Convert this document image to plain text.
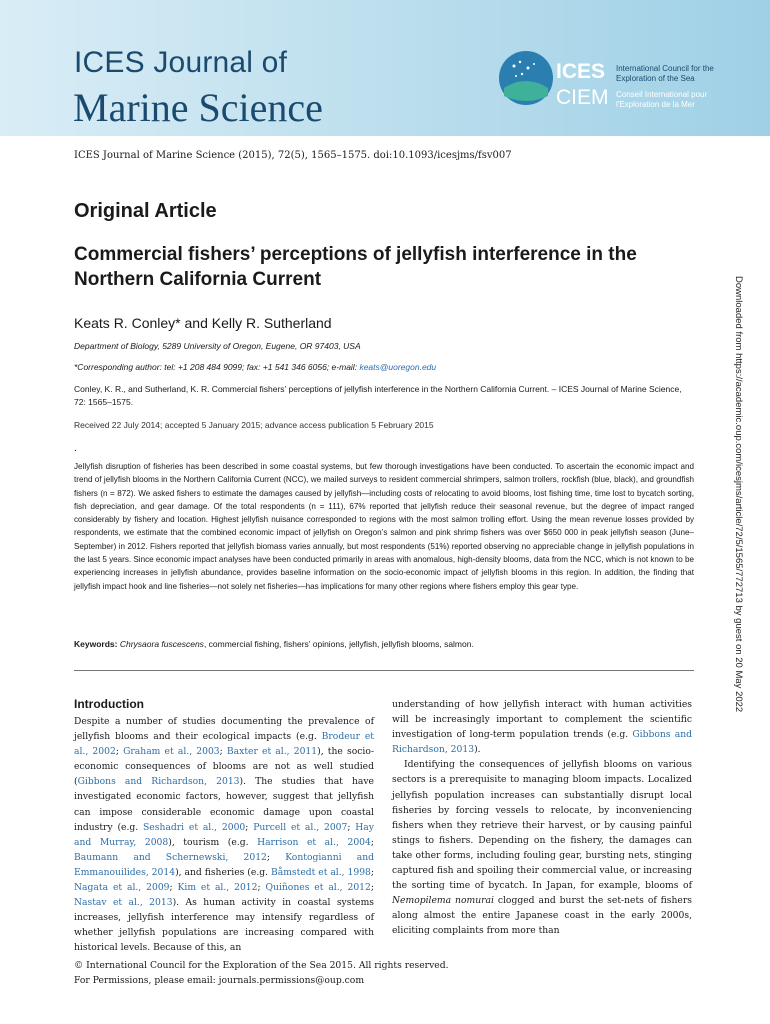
ICES Journal of
Marine Science
ICES
CIEM
International Council for the Exploration of the Sea
Conseil International pour l'Exploration de la Mer
ICES Journal of Marine Science (2015), 72(5), 1565–1575. doi:10.1093/icesjms/fsv007
Original Article
Commercial fishers’ perceptions of jellyfish interference in the Northern California Current
Keats R. Conley* and Kelly R. Sutherland
Department of Biology, 5289 University of Oregon, Eugene, OR 97403, USA
*Corresponding author: tel: +1 208 484 9099; fax: +1 541 346 6056; e-mail: keats@uoregon.edu
Conley, K. R., and Sutherland, K. R. Commercial fishers’ perceptions of jellyfish interference in the Northern California Current. – ICES Journal of Marine Science, 72: 1565–1575.
Received 22 July 2014; accepted 5 January 2015; advance access publication 5 February 2015
.
Jellyfish disruption of fisheries has been described in some coastal systems, but few thorough investigations have been conducted. To ascertain the economic impact and trend of jellyfish blooms in the Northern California Current (NCC), we mailed surveys to resident commercial shrimpers, salmon trollers, rockfish (blue, black), and groundfish fishers (n = 872). We asked fishers to estimate the damages caused by jellyfish—including costs of relocating to avoid blooms, lost fishing time, time lost to bycatch sorting, fish depreciation, and gear damage. Of the total respondents (n = 111), 67% reported that jellyfish reduce their seasonal revenue, but the degree of impact ranged considerably by fishery and location. Highest jellyfish nuisance corresponded to regions with the most salmon trolling effort. Using the mean revenue losses provided by respondents, we estimate that the combined economic impact of jellyfish on Oregon’s salmon and pink shrimp fishers was over $650 000 in peak jellyfish season (June–September) in 2012. Fishers reported that jellyfish biomass varies annually, but most respondents (51%) reported observing no appreciable change in jellyfish populations in the last 5 years. Since economic impact analyses have been conducted primarily in areas with anomalous, high-density blooms, data from the NCC, which is not known to be experiencing increases in jellyfish abundance, provides baseline information on the socio-economic impact of jellyfish blooms in this region. In addition, the finding that jellyfish impact hook and line fisheries—not solely net fisheries—has implications for many other regions where fishers employ this gear type.
Keywords: Chrysaora fuscescens, commercial fishing, fishers’ opinions, jellyfish, jellyfish blooms, salmon.
Introduction

Despite a number of studies documenting the prevalence of jellyfish blooms and their ecological impacts (e.g. Brodeur et al., 2002; Graham et al., 2003; Baxter et al., 2011), the socio-economic consequences of blooms are not as well studied (Gibbons and Richardson, 2013). The studies that have investigated economic factors, however, suggest that jellyfish can impose considerable economic damage upon coastal industry (e.g. Seshadri et al., 2000; Purcell et al., 2007; Hay and Murray, 2008), tourism (e.g. Harrison et al., 2004; Baumann and Schernewski, 2012; Kontogianni and Emmanouilides, 2014), and fisheries (e.g. Båmstedt et al., 1998; Nagata et al., 2009; Kim et al., 2012; Quiñones et al., 2012; Nastav et al., 2013). As human activity in coastal systems increases, jellyfish interference may intensify regardless of whether jellyfish populations are increasing compared with historical levels. Because of this, an

understanding of how jellyfish interact with human activities will be increasingly important to complement the scientific investigation of long-term population trends (e.g. Gibbons and Richardson, 2013).

Identifying the consequences of jellyfish blooms on various sectors is a prerequisite to managing bloom impacts. Localized jellyfish population increases can substantially disrupt local fisheries by forcing vessels to relocate, by inconveniencing fishers when they retrieve their harvest, or by causing painful stings to fishers. Depending on the fishery, the damages can take other forms, including fouling gear, bursting nets, stinging captured fish and spoiling their commercial value, or increasing the sorting time of bycatch. In Japan, for example, blooms of Nemopilema nomurai clogged and burst the set-nets of fishers along almost the entire Japanese coast in the early 2000s, eliciting complaints from more than

© International Council for the Exploration of the Sea 2015. All rights reserved.
For Permissions, please email: journals.permissions@oup.com
Downloaded from https://academic.oup.com/icesjms/article/72/5/1565/772713 by guest on 20 May 2022
